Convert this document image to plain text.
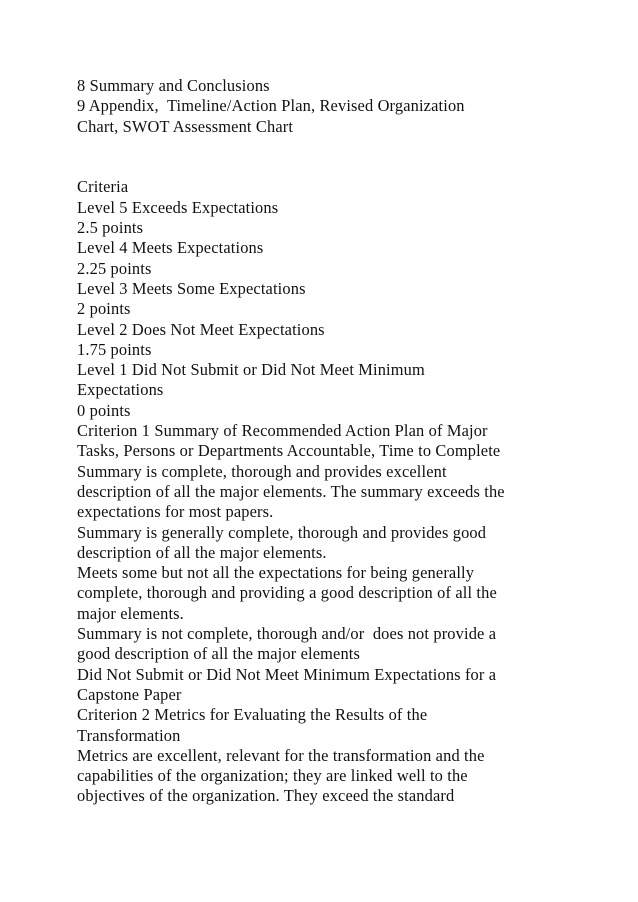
8 Summary and Conclusions
9 Appendix,  Timeline/Action Plan, Revised Organization
Chart, SWOT Assessment Chart
Criteria
Level 5 Exceeds Expectations
2.5 points
Level 4 Meets Expectations
2.25 points
Level 3 Meets Some Expectations
2 points
Level 2 Does Not Meet Expectations
1.75 points
Level 1 Did Not Submit or Did Not Meet Minimum
Expectations
0 points
Criterion 1 Summary of Recommended Action Plan of Major
Tasks, Persons or Departments Accountable, Time to Complete
Summary is complete, thorough and provides excellent
description of all the major elements. The summary exceeds the
expectations for most papers.
Summary is generally complete, thorough and provides good
description of all the major elements.
Meets some but not all the expectations for being generally
complete, thorough and providing a good description of all the
major elements.
Summary is not complete, thorough and/or  does not provide a
good description of all the major elements
Did Not Submit or Did Not Meet Minimum Expectations for a
Capstone Paper
Criterion 2 Metrics for Evaluating the Results of the
Transformation
Metrics are excellent, relevant for the transformation and the
capabilities of the organization; they are linked well to the
objectives of the organization. They exceed the standard
